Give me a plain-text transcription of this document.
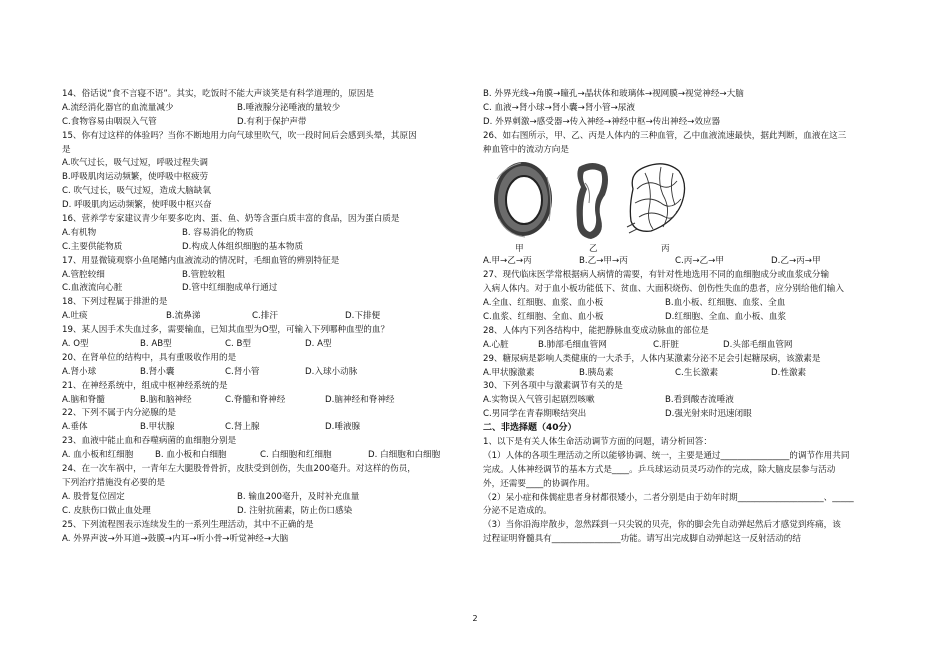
14、俗话说“食不言寝不语”。其实，吃饭时不能大声谈笑是有科学道理的，原因是
A.流经消化器官的血流量减少	B.唾液腺分泌唾液的量较少
C.食物容易由咽误入气管	D.有利于保护声带
15、你有过这样的体验吗？当你不断地用力向气球里吹气，吹一段时间后会感到头晕，其原因
是
A.吹气过长，吸气过短，呼吸过程失调
B.呼吸肌肉运动频繁，使呼吸中枢疲劳
C. 吹气过长，吸气过短，造成大脑缺氧
D. 呼吸肌肉运动频繁，使呼吸中枢兴奋
16、营养学专家建议青少年要多吃肉、蛋、鱼、奶等含蛋白质丰富的食品，因为蛋白质是
A.有机物	B. 容易消化的物质
C.主要供能物质	D.构成人体组织细胞的基本物质
17、用显微镜观察小鱼尾鳍内血液流动的情况时，毛细血管的辨别特征是
A.管腔较细	B.管腔较粗
C.血液流向心脏	D.管中红细胞成单行通过
18、下列过程属于排泄的是
A.吐痰	B.流鼻涕	C.排汗	D.下排便
19、某人因手术失血过多，需要输血，已知其血型为O型，可输入下列哪种血型的血？
A. O型	B. AB型	C. B型	D. A型
20、在肾单位的结构中，具有重吸收作用的是
A.肾小球	B.肾小囊	C.肾小管	D.入球小动脉
21、在神经系统中，组成中枢神经系统的是
A.脑和脊髓	B.脑和脑神经	C.脊髓和脊神经	D.脑神经和脊神经
22、下列不属于内分泌腺的是
A.垂体	B.甲状腺	C.肾上腺	D.唾液腺
23、血液中能止血和吞噬病菌的血细胞分别是
A. 血小板和红细胞	B. 血小板和白细胞	C. 白细胞和红细胞	D. 白细胞和白细胞
24、在一次车祸中，一青年左大腿股骨骨折，皮肤受到创伤，失血200毫升。对这样的伤员，
下列治疗措施没有必要的是
A. 股骨复位固定	B. 输血200毫升，及时补充血量
C. 皮肤伤口做止血处理	D. 注射抗菌素，防止伤口感染
25、下列流程图表示连续发生的一系列生理活动，其中不正确的是
A. 外界声波→外耳道→鼓膜→内耳→听小骨→听觉神经→大脑
B. 外界光线→角膜→瞳孔→晶状体和玻璃体→视网膜→视觉神经→大脑
C. 血液→肾小球→肾小囊→肾小管→尿液
D. 外界刺激→感受器→传入神经→神经中枢→传出神经→效应器
26、如右图所示，甲、乙、丙是人体内的三种血管，乙中血液流速最快，据此判断，血液在这三
种血管中的流动方向是
甲	乙	丙
A.甲→乙→丙	B.乙→甲→丙	C.丙→乙→甲	D.乙→丙→甲
27、现代临床医学常根据病人病情的需要，有针对性地选用不同的血细胞成分或血浆成分输
入病人体内。对于血小板功能低下、贫血、大面积烧伤、创伤性失血的患者，应分别给他们输入
A.全血、红细胞、血浆、血小板	B.血小板、红细胞、血浆、全血
C.血浆、红细胞、全血、血小板	D.红细胞、全血、血小板、血浆
28、人体内下列各结构中，能把静脉血变成动脉血的部位是
A.心脏	B.肺部毛细血管网	C.肝脏	D.头部毛细血管网
29、糖尿病是影响人类健康的一大杀手，人体内某激素分泌不足会引起糖尿病，该激素是
A.甲状腺激素	B.胰岛素	C.生长激素	D.性激素
30、下列各项中与激素调节有关的是
A.实物误入气管引起剧烈咳嗽	B.看到酸杏流唾液
C.男同学在青春期喉结突出	D.强光射来时迅速闭眼
二、非选择题（40分）
1、以下是有关人体生命活动调节方面的问题，请分析回答：
（1）人体的各项生理活动之所以能够协调、统一，主要是通过________________的调节作用共同
完成。人体神经调节的基本方式是____。乒乓球运动员灵巧动作的完成，除大脑皮层参与活动
外，还需要____的协调作用。
（2）呆小症和侏儒症患者身材都很矮小，二者分别是由于幼年时期____________________、_____
分泌不足造成的。
（3）当你沿海岸散步，忽然踩到一只尖锐的贝壳，你的脚会先自动弹起然后才感觉到疼痛，该
过程证明脊髓具有________________功能。请写出完成脚自动弹起这一反射活动的结
2
